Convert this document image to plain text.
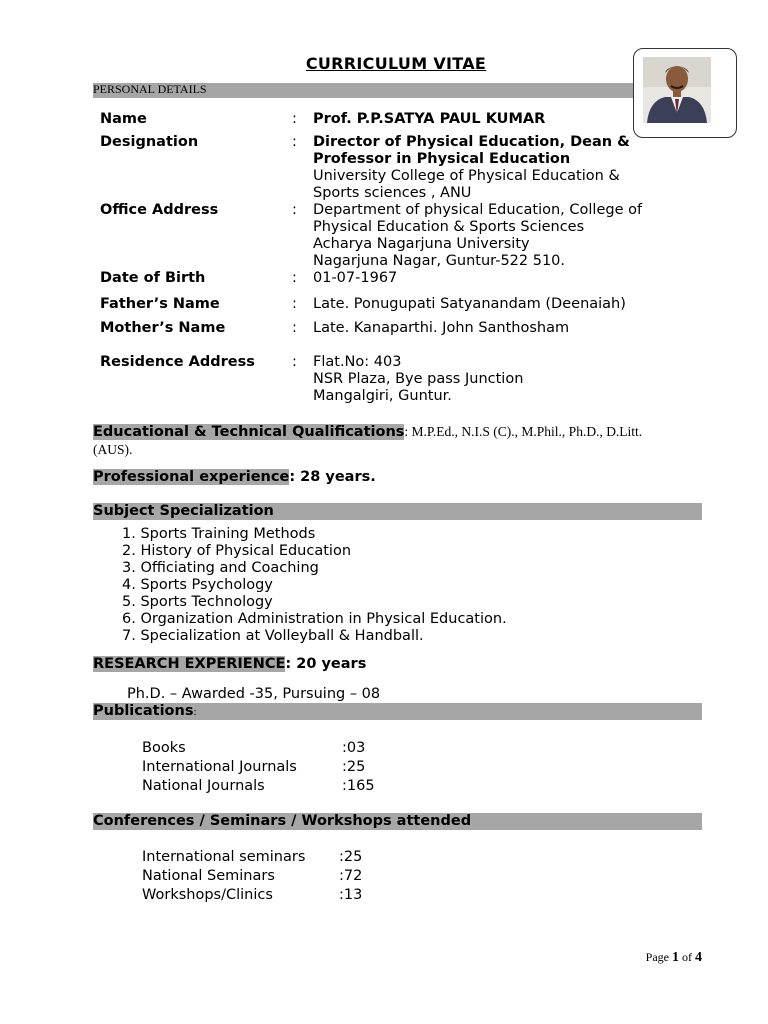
CURRICULUM VITAE
PERSONAL DETAILS
Name	: Prof. P.P.SATYA PAUL KUMAR
Designation	: Director of Physical Education, Dean &
Professor in Physical Education
University College of Physical Education &
Sports sciences , ANU
Office Address	: Department of physical Education, College of
Physical Education & Sports Sciences
Acharya Nagarjuna University
Nagarjuna Nagar, Guntur-522 510.
Date of Birth	: 01-07-1967
Father’s Name	: Late. Ponugupati Satyanandam (Deenaiah)
Mother’s Name	: Late. Kanaparthi. John Santhosham
Residence Address	: Flat.No: 403
NSR Plaza, Bye pass Junction
Mangalgiri, Guntur.
Educational & Technical Qualifications: M.P.Ed., N.I.S (C)., M.Phil., Ph.D., D.Litt.
(AUS).
Professional experience: 28 years.
Subject Specialization
1. Sports Training Methods
2. History of Physical Education
3. Officiating and Coaching
4. Sports Psychology
5. Sports Technology
6. Organization Administration in Physical Education.
7. Specialization at Volleyball & Handball.
RESEARCH EXPERIENCE: 20 years
Ph.D. – Awarded -35, Pursuing – 08
Publications:
Books	:03
International Journals	:25
National Journals	:165
Conferences / Seminars / Workshops attended
International seminars :25
National Seminars	:72
Workshops/Clinics	:13
Page 1 of 4
